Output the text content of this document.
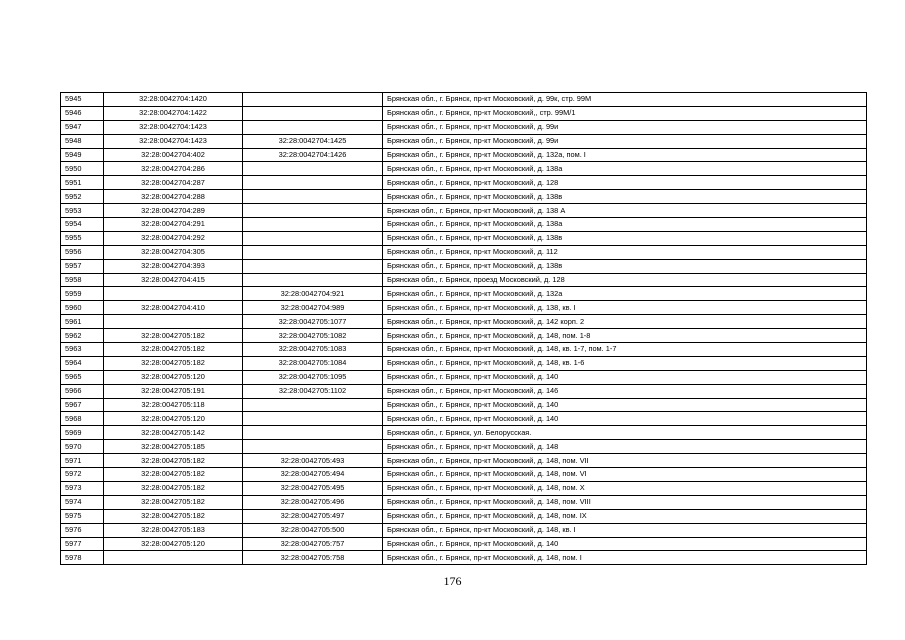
5945	32:28:0042704:1420		Брянская обл., г. Брянск, пр-кт Московский, д. 99к, стр. 99М
5946	32:28:0042704:1422		Брянская обл., г. Брянск, пр-кт Московский,, стр. 99М/1
5947	32:28:0042704:1423		Брянская обл., г. Брянск, пр-кт Московский, д. 99и
5948	32:28:0042704:1423	32:28:0042704:1425	Брянская обл., г. Брянск, пр-кт Московский, д. 99и
5949	32:28:0042704:402	32:28:0042704:1426	Брянская обл., г. Брянск, пр-кт Московский, д. 132а, пом. I
5950	32:28:0042704:286		Брянская обл., г. Брянск, пр-кт Московский, д. 138а
5951	32:28:0042704:287		Брянская обл., г. Брянск, пр-кт Московский, д. 128
5952	32:28:0042704:288		Брянская обл., г. Брянск, пр-кт Московский, д. 138в
5953	32:28:0042704:289		Брянская обл., г. Брянск, пр-кт Московский, д. 138 А
5954	32:28:0042704:291		Брянская обл., г. Брянск, пр-кт Московский, д. 138а
5955	32:28:0042704:292		Брянская обл., г. Брянск, пр-кт Московский, д. 138в
5956	32:28:0042704:305		Брянская обл., г. Брянск, пр-кт Московский, д. 112
5957	32:28:0042704:393		Брянская обл., г. Брянск, пр-кт Московский, д. 138в
5958	32:28:0042704:415		Брянская обл., г. Брянск, проезд Московский, д. 128
5959		32:28:0042704:921	Брянская обл., г. Брянск, пр-кт Московский, д. 132а
5960	32:28:0042704:410	32:28:0042704:989	Брянская обл., г. Брянск, пр-кт Московский, д. 138, кв. I
5961		32:28:0042705:1077	Брянская обл., г. Брянск, пр-кт Московский, д. 142 корп. 2
5962	32:28:0042705:182	32:28:0042705:1082	Брянская обл., г. Брянск, пр-кт Московский, д. 148, пом. 1-8
5963	32:28:0042705:182	32:28:0042705:1083	Брянская обл., г. Брянск, пр-кт Московский, д. 148, кв. 1-7, пом. 1-7
5964	32:28:0042705:182	32:28:0042705:1084	Брянская обл., г. Брянск, пр-кт Московский, д. 148, кв. 1-6
5965	32:28:0042705:120	32:28:0042705:1095	Брянская обл., г. Брянск, пр-кт Московский, д. 140
5966	32:28:0042705:191	32:28:0042705:1102	Брянская обл., г. Брянск, пр-кт Московский, д. 146
5967	32:28:0042705:118		Брянская обл., г. Брянск, пр-кт Московский, д. 140
5968	32:28:0042705:120		Брянская обл., г. Брянск, пр-кт Московский, д. 140
5969	32:28:0042705:142		Брянская обл., г. Брянск, ул. Белорусская.
5970	32:28:0042705:185		Брянская обл., г. Брянск, пр-кт Московский, д. 148
5971	32:28:0042705:182	32:28:0042705:493	Брянская обл., г. Брянск, пр-кт Московский, д. 148, пом. VII
5972	32:28:0042705:182	32:28:0042705:494	Брянская обл., г. Брянск, пр-кт Московский, д. 148, пом. VI
5973	32:28:0042705:182	32:28:0042705:495	Брянская обл., г. Брянск, пр-кт Московский, д. 148, пом. X
5974	32:28:0042705:182	32:28:0042705:496	Брянская обл., г. Брянск, пр-кт Московский, д. 148, пом. VIII
5975	32:28:0042705:182	32:28:0042705:497	Брянская обл., г. Брянск, пр-кт Московский, д. 148, пом. IX
5976	32:28:0042705:183	32:28:0042705:500	Брянская обл., г. Брянск, пр-кт Московский, д. 148, кв. I
5977	32:28:0042705:120	32:28:0042705:757	Брянская обл., г. Брянск, пр-кт Московский, д. 140
5978		32:28:0042705:758	Брянская обл., г. Брянск, пр-кт Московский, д. 148, пом. I
176
